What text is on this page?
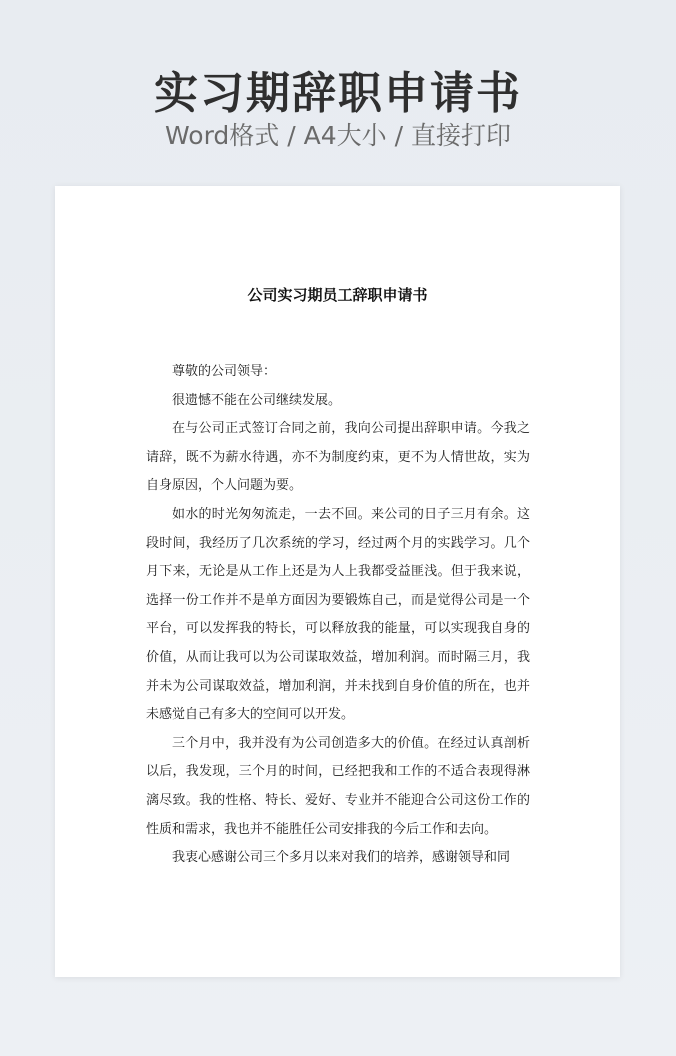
实习期辞职申请书
Word格式 / A4大小 / 直接打印
公司实习期员工辞职申请书

尊敬的公司领导：

很遗憾不能在公司继续发展。

在与公司正式签订合同之前，我向公司提出辞职申请。今我之请辞，既不为薪水待遇，亦不为制度约束，更不为人情世故，实为自身原因，个人问题为要。

如水的时光匆匆流走，一去不回。来公司的日子三月有余。这段时间，我经历了几次系统的学习，经过两个月的实践学习。几个月下来，无论是从工作上还是为人上我都受益匪浅。但于我来说，选择一份工作并不是单方面因为要锻炼自己，而是觉得公司是一个平台，可以发挥我的特长，可以释放我的能量，可以实现我自身的价值，从而让我可以为公司谋取效益，增加利润。而时隔三月，我并未为公司谋取效益，增加利润，并未找到自身价值的所在，也并未感觉自己有多大的空间可以开发。

三个月中，我并没有为公司创造多大的价值。在经过认真剖析以后，我发现，三个月的时间，已经把我和工作的不适合表现得淋漓尽致。我的性格、特长、爱好、专业并不能迎合公司这份工作的性质和需求，我也并不能胜任公司安排我的今后工作和去向。

我衷心感谢公司三个多月以来对我们的培养，感谢领导和同
